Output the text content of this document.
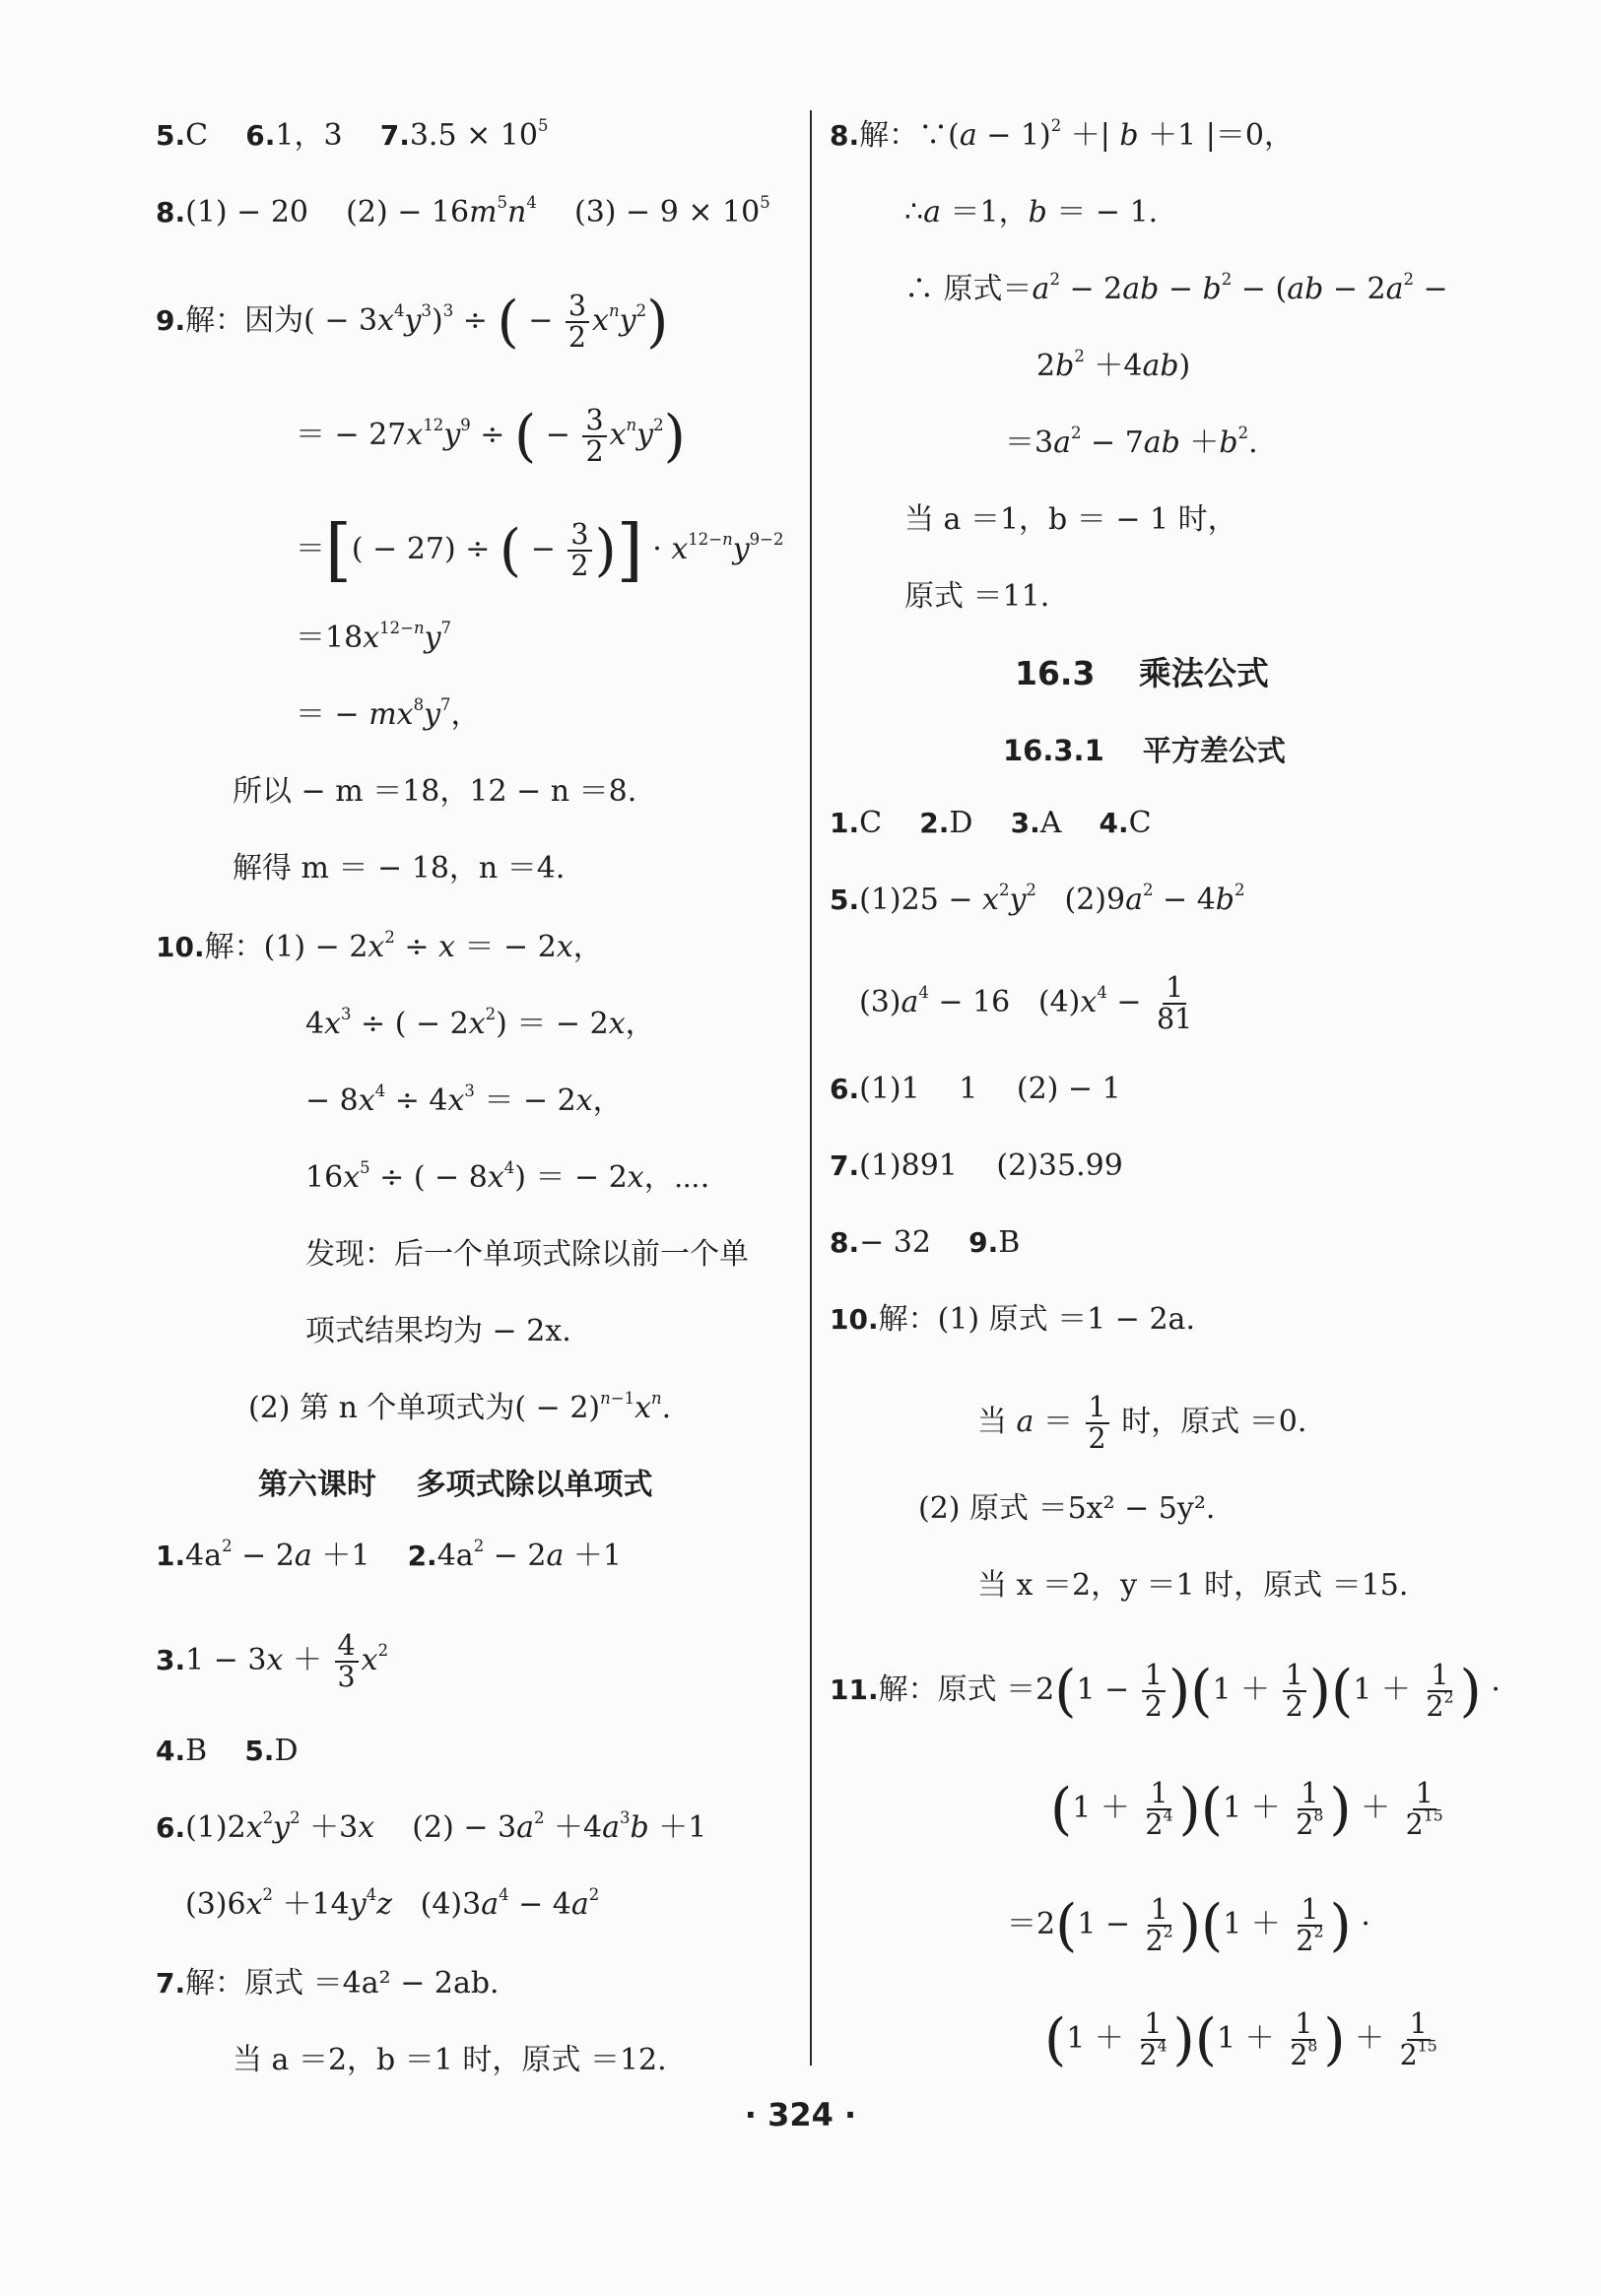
5.C 6.1，3 $7.3.5 \times 10^5$
8.(1) − 20 $(2) - 16m^5n^4$ $(3) - 9 \times 10^5$
9.解：因为( − $3x^4y^3)^3$ ÷ ( − $\frac{3}{2} x^ny^2$)
＝ − $27x^{12}y^9$ ÷ ( − $\frac{3}{2} x^ny^2$)
＝[( − 27) ÷ ( − $\frac{3}{2}$ )] · $x^{12-n}y^{9-2}$
$=18x^{12-n}y^7$
＝ − $mx^8y^7$，
所以 − m ＝18，12 − n ＝8.
解得 m ＝ − 18，n ＝4.
10.解：$(1) - 2x^2 \div x$ ＝ − 2x，
$4x^3$ ÷ ( − $2x^2$) ＝ − 2x，
− $8x^4 \div 4x^3$ ＝ − 2x，
$16x^5$ ÷ ( − $8x^4$) ＝ − 2x，⋯.
发现：后一个单项式除以前一个单
项式结果均为 − 2x.
(2) 第 n 个单项式为( − $2)^{n-1}x^n$.
第六课时　 多项式除以单项式
$1.4a^2 - 2a +1$    $2.4a^2 - 2a +1$
$3.1 - 3x + \frac{4}{3} x^2$
4.B 5.D
$6.(1)2x^2y^2 +3x$    $(2) - 3a^2 +4a^3b +1$
$(3)6x^2 +14y^4z$   $(4)3a^4 - 4a^2$
7.解：原式 ＝4a² − 2ab.
当 a ＝2，b ＝1 时，原式 ＝12.
8.解：∵(a − 1)$^2$ ＋| b ＋1 |＝0，
∴a ＝1，b ＝ − 1.
∴ 原式$=a^2 - 2ab - b^2 - (ab - 2a^2$ −
$2b^2 +4ab$)
$=3a^2 - 7ab +b^2$.
当 a ＝1，b ＝ − 1 时，
原式 ＝11.
16.3　 乘法公式
16.3.1　 平方差公式
1.C 2.D 3.A 4.C
$5.(1)25 - x^2y^2$   $(2)9a^2 - 4b^2$
$(3)a^4 - 16$   $(4)x^4 - \frac{1}{81}$
6.(1)1　 1　 (2) − 1
7.(1)891　 (2)35.99
8.− 32 9.B
10.解：(1) 原式 ＝1 − 2a.
当 $a = \frac{1}{2}$ 时，原式 ＝0.
(2) 原式 ＝5x² − 5y².
当 x ＝2，y ＝1 时，原式 ＝15.
11.解：原式 $=2(1 - \frac{1}{2} )(1 + \frac{1}{2} )(1 + \frac{1}{2^2}$ ) ·
$(1 + \frac{1}{2^4} )(1 + \frac{1}{2^8}$ ) ＋ $\frac{1}{2^{15}}$
$=2(1 - \frac{1}{2^2} )(1 + \frac{1}{2^2}$ ) ·
$(1 + \frac{1}{2^4} )(1 + \frac{1}{2^8}$ ) ＋ $\frac{1}{2^{15}}$
· 324 ·
